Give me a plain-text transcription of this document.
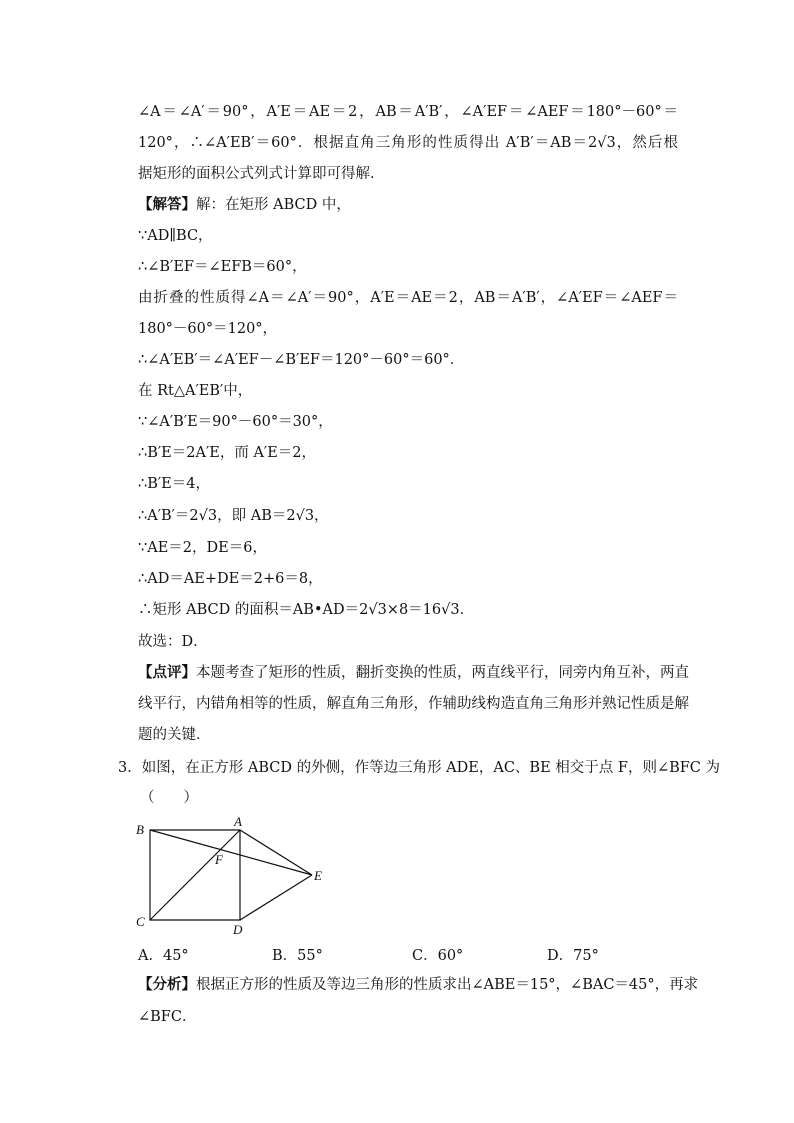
∠A＝∠A′＝90°，A′E＝AE＝2，AB＝A′B′，∠A′EF＝∠AEF＝180°－60°＝
120°，∴∠A′EB′＝60°．根据直角三角形的性质得出 A′B′＝AB＝2√3，然后根
据矩形的面积公式列式计算即可得解．
【解答】解：在矩形 ABCD 中，
∵AD∥BC，
∴∠B′EF＝∠EFB＝60°，
由折叠的性质得∠A＝∠A′＝90°，A′E＝AE＝2，AB＝A′B′，∠A′EF＝∠AEF＝
180°－60°＝120°，
∴∠A′EB′＝∠A′EF－∠B′EF＝120°－60°＝60°．
在 Rt△A′EB′中，
∵∠A′B′E＝90°－60°＝30°，
∴B′E＝2A′E，而 A′E＝2，
∴B′E＝4，
∴A′B′＝2√3，即 AB＝2√3，
∵AE＝2，DE＝6，
∴AD＝AE+DE＝2+6＝8，
∴矩形 ABCD 的面积＝AB•AD＝2√3×8＝16√3．
故选：D．
【点评】本题考查了矩形的性质，翻折变换的性质，两直线平行，同旁内角互补，两直
线平行，内错角相等的性质，解直角三角形，作辅助线构造直角三角形并熟记性质是解
题的关键．
3．如图，在正方形 ABCD 的外侧，作等边三角形 ADE，AC、BE 相交于点 F，则∠BFC 为
（　　）
B
A
E
C
D
F
A．45°	B．55°	C．60°	D．75°
【分析】根据正方形的性质及等边三角形的性质求出∠ABE＝15°，∠BAC＝45°，再求
∠BFC．
